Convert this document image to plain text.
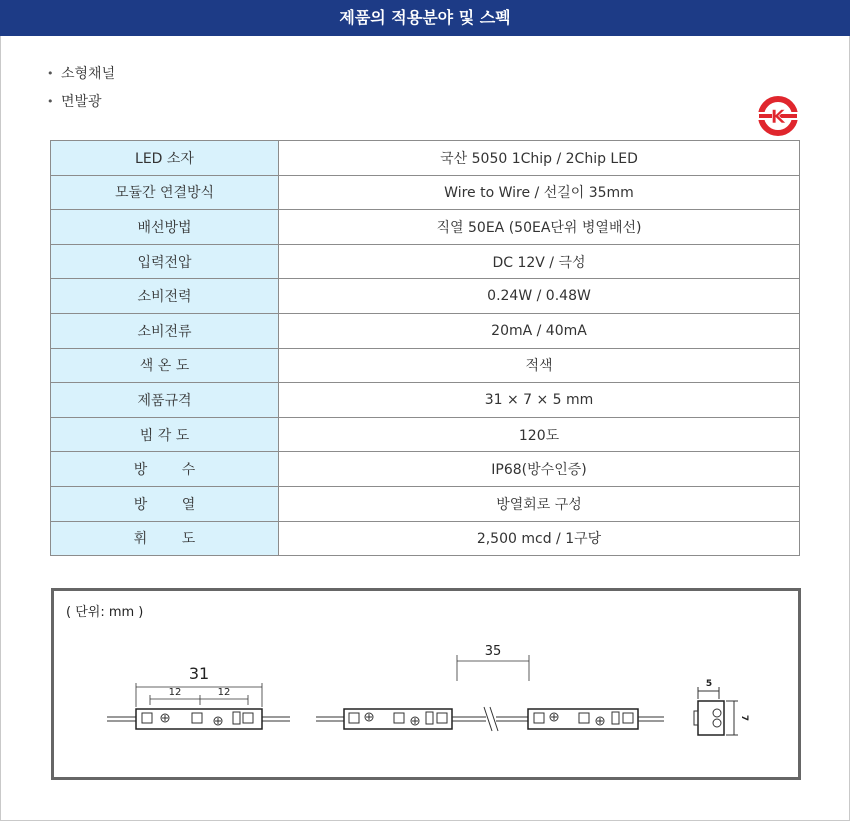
제품의 적용분야 및 스펙
• 소형채널
• 면발광
K
LED 소자	국산 5050 1Chip / 2Chip LED
모듈간 연결방식	Wire to Wire / 선길이 35mm
배선방법	직열 50EA (50EA단위 병열배선)
입력전압	DC 12V / 극성
소비전력	0.24W / 0.48W
소비전류	20mA / 40mA
색 온 도	적색
제품규격	31 × 7 × 5 mm
빔 각 도	120도
방 수	IP68(방수인증)
방 열	방열회로 구성
휘 도	2,500 mcd / 1구당
( 단위: mm )
31
12	12
35
5
7
